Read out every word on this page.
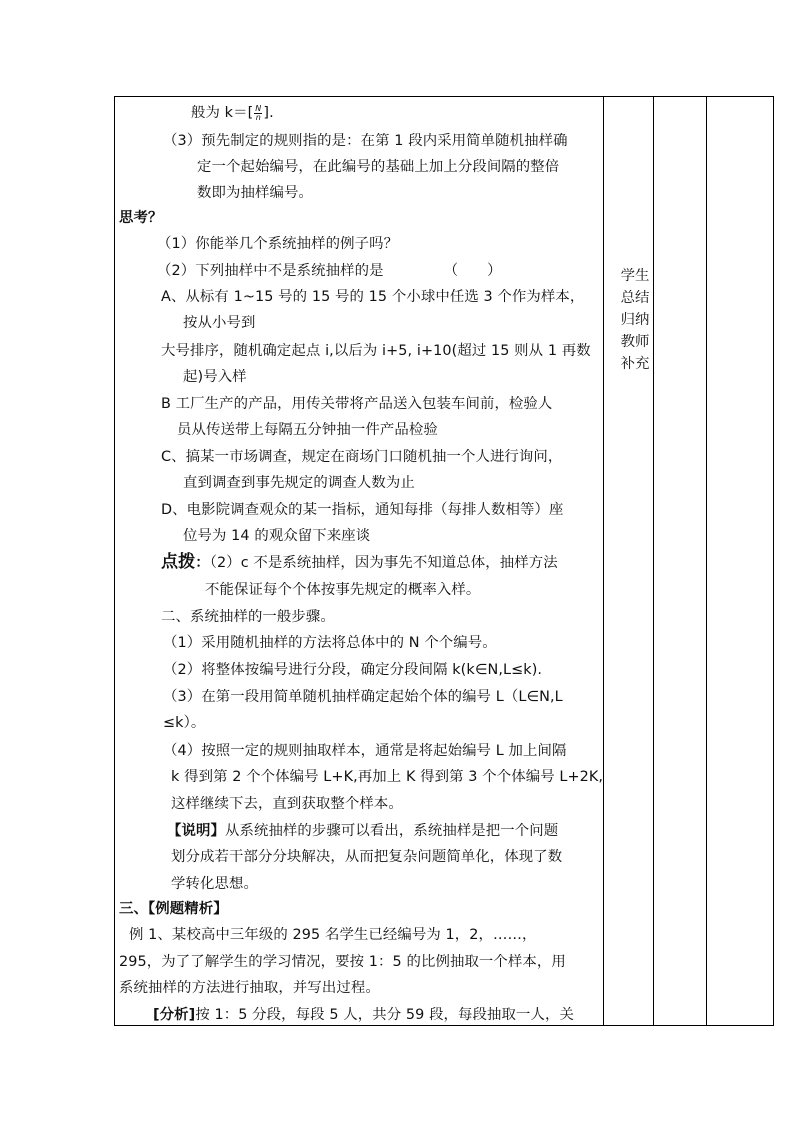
般为 $k=[ \frac{N}{n}$ ].
（3）预先制定的规则指的是：在第 1 段内采用简单随机抽样确
定一个起始编号，在此编号的基础上加上分段间隔的整倍
数即为抽样编号。
思考？
（1）你能举几个系统抽样的例子吗？
（2）下列抽样中不是系统抽样的是	（　　）
A、从标有 1~15 号的 15 号的 15 个小球中任选 3 个作为样本，
按从小号到
大号排序，随机确定起点 i,以后为 i+5, i+10(超过 15 则从 1 再数
起)号入样
B 工厂生产的产品，用传关带将产品送入包装车间前，检验人
员从传送带上每隔五分钟抽一件产品检验
C、搞某一市场调查，规定在商场门口随机抽一个人进行询问，
直到调查到事先规定的调查人数为止
D、电影院调查观众的某一指标，通知每排（每排人数相等）座
位号为 14 的观众留下来座谈
点拨：（2）c 不是系统抽样，因为事先不知道总体，抽样方法
不能保证每个个体按事先规定的概率入样。
二、系统抽样的一般步骤。
（1）采用随机抽样的方法将总体中的 N 个个编号。
（2）将整体按编号进行分段，确定分段间隔 k(k∈N,L≤k).
（3）在第一段用简单随机抽样确定起始个体的编号 L（L∈N,L
≤k）。
（4）按照一定的规则抽取样本，通常是将起始编号 L 加上间隔
k 得到第 2 个个体编号 L+K,再加上 K 得到第 3 个个体编号 L+2K,
这样继续下去，直到获取整个样本。
【说明】从系统抽样的步骤可以看出，系统抽样是把一个问题
划分成若干部分分块解决，从而把复杂问题简单化，体现了数
学转化思想。
三、【例题精析】
例 1、某校高中三年级的 295 名学生已经编号为 1，2，……，
295，为了了解学生的学习情况，要按 1：5 的比例抽取一个样本，用
系统抽样的方法进行抽取，并写出过程。
[分析]按 1：5 分段，每段 5 人，共分 59 段，每段抽取一人，关
学生
总结
归纳
教师
补充
